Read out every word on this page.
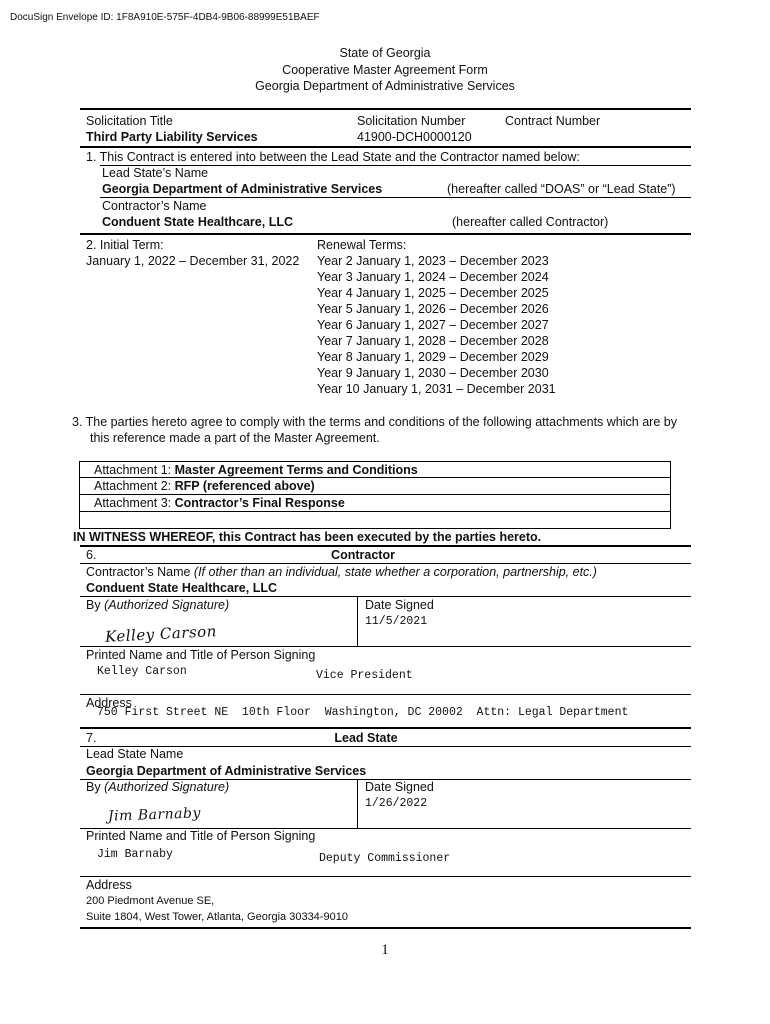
DocuSign Envelope ID: 1F8A910E-575F-4DB4-9B06-88999E51BAEF
State of Georgia
Cooperative Master Agreement Form
Georgia Department of Administrative Services
Solicitation Title
Third Party Liability Services
Solicitation Number
41900-DCH0000120
Contract Number
1. This Contract is entered into between the Lead State and the Contractor named below:
Lead State’s Name
Georgia Department of Administrative Services	(hereafter called “DOAS” or “Lead State”)
Contractor’s Name
Conduent State Healthcare, LLC	(hereafter called Contractor)
2. Initial Term:
January 1, 2022 – December 31, 2022
Renewal Terms:
Year 2 January 1, 2023 – December 2023
Year 3 January 1, 2024 – December 2024
Year 4 January 1, 2025 – December 2025
Year 5 January 1, 2026 – December 2026
Year 6 January 1, 2027 – December 2027
Year 7 January 1, 2028 – December 2028
Year 8 January 1, 2029 – December 2029
Year 9 January 1, 2030 – December 2030
Year 10 January 1, 2031 – December 2031
3. The parties hereto agree to comply with the terms and conditions of the following attachments which are by
this reference made a part of the Master Agreement.
Attachment 1: Master Agreement Terms and Conditions
Attachment 2: RFP (referenced above)
Attachment 3: Contractor’s Final Response
IN WITNESS WHEREOF, this Contract has been executed by the parties hereto.
6.	Contractor
Contractor’s Name (If other than an individual, state whether a corporation, partnership, etc.)
Conduent State Healthcare, LLC
By (Authorized Signature)	Date Signed
11/5/2021
Kelley Carson
Printed Name and Title of Person Signing
Kelley Carson	Vice President
Address
750 First Street NE  10th Floor  Washington, DC 20002  Attn: Legal Department
7.	Lead State
Lead State Name
Georgia Department of Administrative Services
By (Authorized Signature)	Date Signed
1/26/2022
Jim Barnaby
Printed Name and Title of Person Signing
Jim Barnaby	Deputy Commissioner
Address
200 Piedmont Avenue SE,
Suite 1804, West Tower, Atlanta, Georgia 30334-9010
1
